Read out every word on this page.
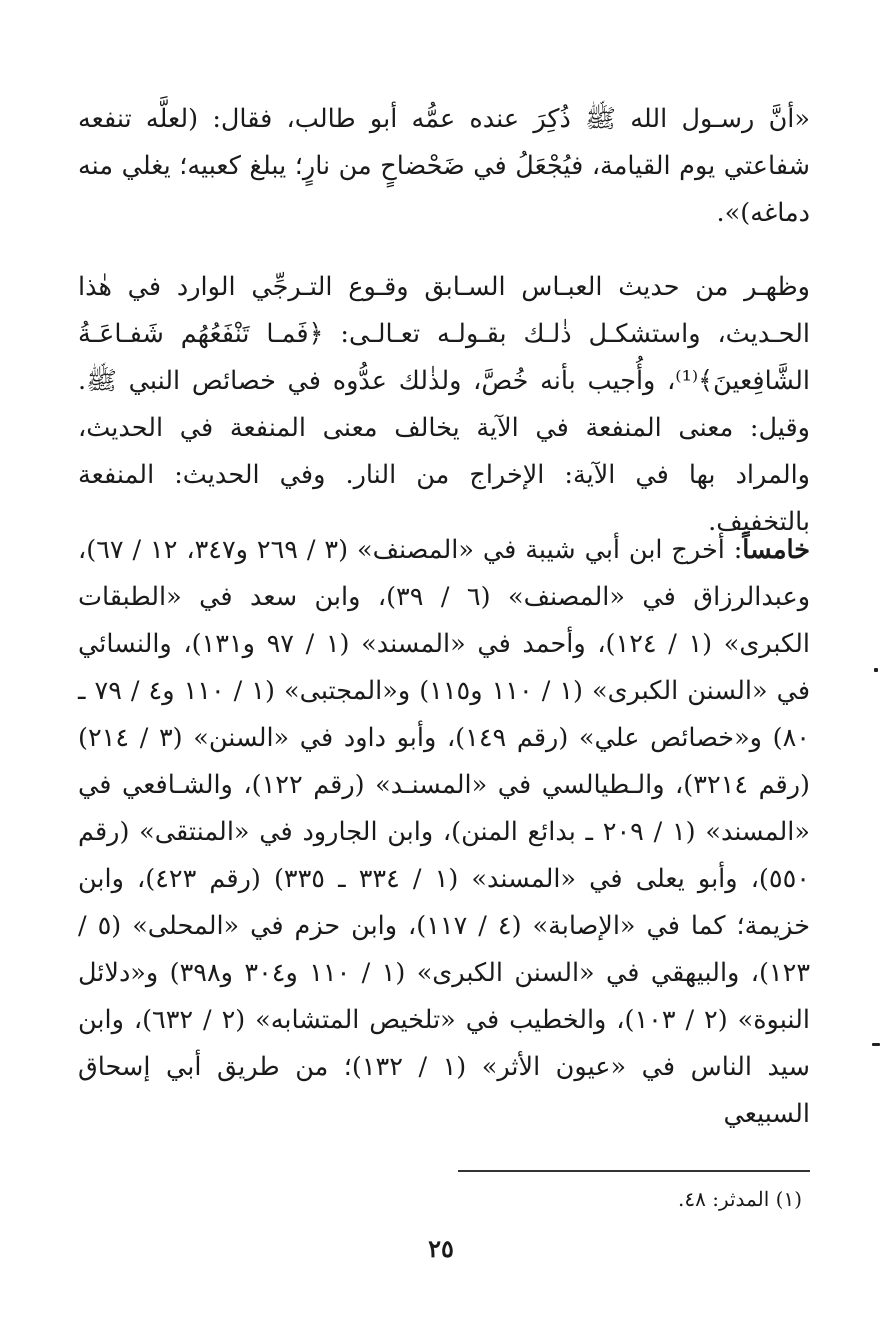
«أنَّ رسـول الله ﷺ ذُكِرَ عنده عمُّه أبو طالب، فقال: (لعلَّه تنفعه شفاعتي يوم القيامة، فيُجْعَلُ في ضَحْضاحٍ من نارٍ؛ يبلغ كعبيه؛ يغلي منه دماغه)».

وظهـر من حديث العبـاس السـابق وقـوع التـرجِّي الوارد في هٰذا الحـديث، واستشكـل ذٰلـك بقـولـه تعـالـى: ﴿فَمـا تَنْفَعُهُم شَفـاعَـةُ الشَّافِعينَ﴾⁽¹⁾، وأُجيب بأنه خُصَّ، ولذٰلك عدُّوه في خصائص النبي ﷺ. وقيل: معنى المنفعة في الآية يخالف معنى المنفعة في الحديث، والمراد بها في الآية: الإخراج من النار. وفي الحديث: المنفعة بالتخفيف.

خامساً: أخرج ابن أبي شيبة في «المصنف» (٣ / ٢٦٩ و٣٤٧، ١٢ / ٦٧)، وعبدالرزاق في «المصنف» (٦ / ٣٩)، وابن سعد في «الطبقات الكبرى» (١ / ١٢٤)، وأحمد في «المسند» (١ / ٩٧ و١٣١)، والنسائي في «السنن الكبرى» (١ / ١١٠ و١١٥) و«المجتبى» (١ / ١١٠ و٤ / ٧٩ ـ ٨٠) و«خصائص علي» (رقم ١٤٩)، وأبو داود في «السنن» (٣ / ٢١٤) (رقم ٣٢١٤)، والـطيالسي في «المسنـد» (رقم ١٢٢)، والشـافعي في «المسند» (١ / ٢٠٩ ـ بدائع المنن)، وابن الجارود في «المنتقى» (رقم ٥٥٠)، وأبو يعلى في «المسند» (١ / ٣٣٤ ـ ٣٣٥) (رقم ٤٢٣)، وابن خزيمة؛ كما في «الإصابة» (٤ / ١١٧)، وابن حزم في «المحلى» (٥ / ١٢٣)، والبيهقي في «السنن الكبرى» (١ / ١١٠ و٣٠٤ و٣٩٨) و«دلائل النبوة» (٢ / ١٠٣)، والخطيب في «تلخيص المتشابه» (٢ / ٦٣٢)، وابن سيد الناس في «عيون الأثر» (١ / ١٣٢)؛ من طريق أبي إسحاق السبيعي

(١) المدثر: ٤٨.

٢٥
